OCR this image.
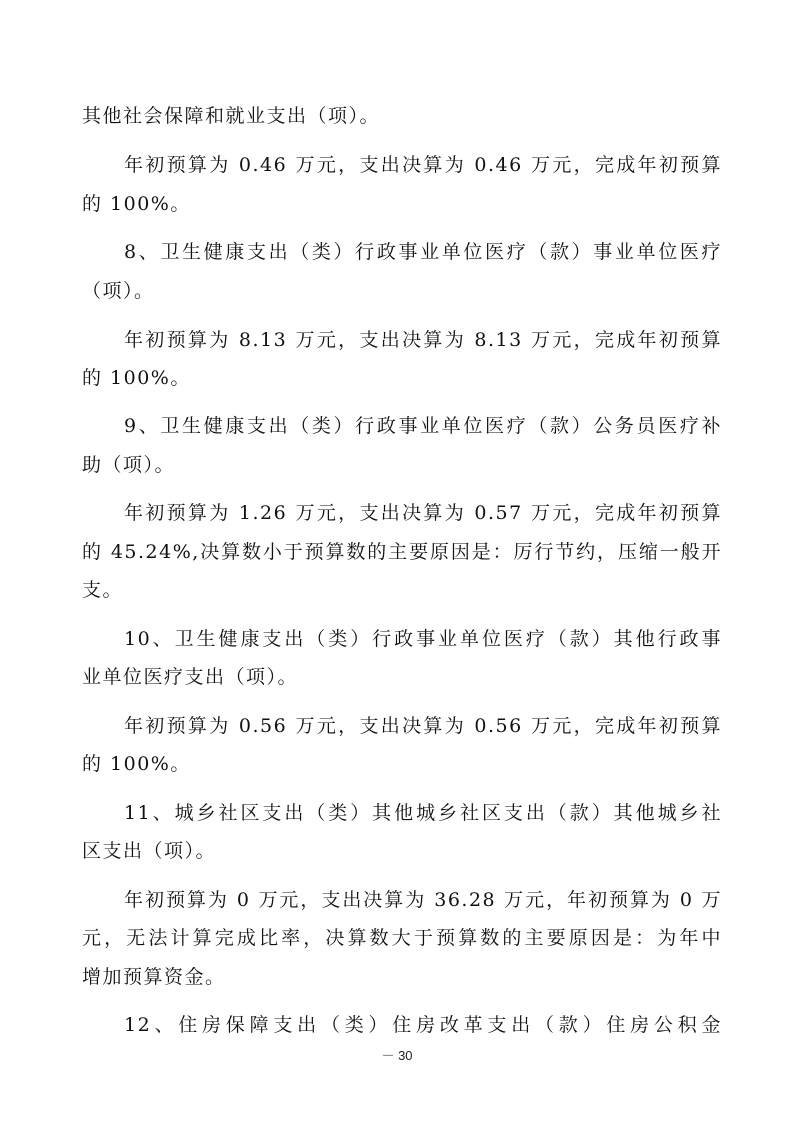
其他社会保障和就业支出（项）。
年初预算为 0.46 万元，支出决算为 0.46 万元，完成年初预算
的 100%。
8、卫生健康支出（类）行政事业单位医疗（款）事业单位医疗
（项）。
年初预算为 8.13 万元，支出决算为 8.13 万元，完成年初预算
的 100%。
9、卫生健康支出（类）行政事业单位医疗（款）公务员医疗补
助（项）。
年初预算为 1.26 万元，支出决算为 0.57 万元，完成年初预算
的 45.24%,决算数小于预算数的主要原因是：厉行节约，压缩一般开
支。
10、卫生健康支出（类）行政事业单位医疗（款）其他行政事
业单位医疗支出（项）。
年初预算为 0.56 万元，支出决算为 0.56 万元，完成年初预算
的 100%。
11、城乡社区支出（类）其他城乡社区支出（款）其他城乡社
区支出（项）。
年初预算为 0 万元，支出决算为 36.28 万元，年初预算为 0 万
元，无法计算完成比率，决算数大于预算数的主要原因是：为年中
增加预算资金。
12、住房保障支出（类）住房改革支出（款）住房公积金
－ 30
